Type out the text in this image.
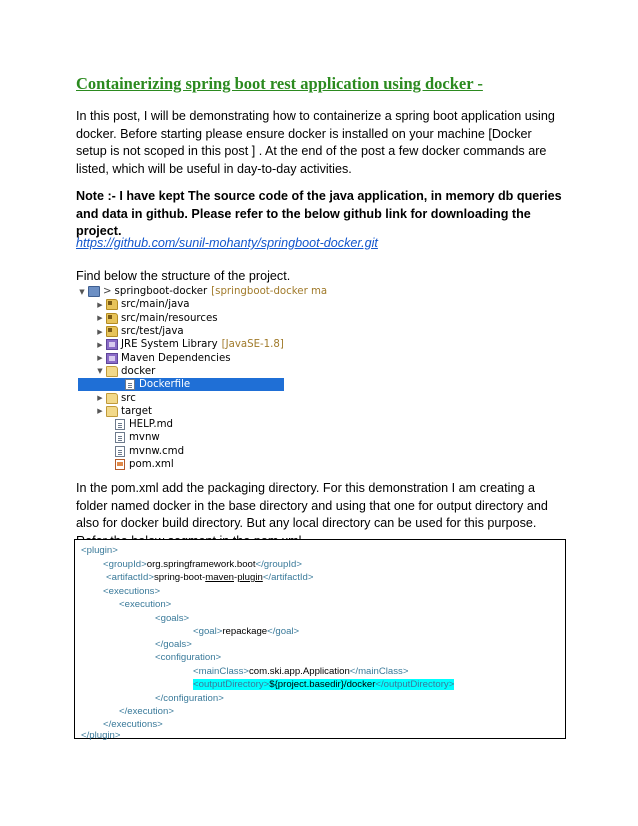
Containerizing spring boot rest application using docker -
In this post, I will be demonstrating how to containerize a spring boot application using docker. Before starting please ensure docker is installed on your machine [Docker setup is not scoped in this post ] . At the end of the post a few docker commands are listed, which will be useful in day-to-day activities.
Note :- I have kept The source code of the java application, in memory db queries and data in github. Please refer to the below github link for downloading the project.
https://github.com/sunil-mohanty/springboot-docker.git
Find below the structure of the project.
▼ > springboot-docker [springboot-docker ma
▶ src/main/java
▶ src/main/resources
▶ src/test/java
▶ JRE System Library [JavaSE-1.8]
▶ Maven Dependencies
▼ docker
Dockerfile
▶ src
▶ target
HELP.md
mvnw
mvnw.cmd
pom.xml
In the pom.xml add the packaging directory. For this demonstration I am creating a folder named docker in the base directory and using that one for output directory and also for docker build directory. But any local directory can be used for this purpose.
<plugin>
<groupId>org.springframework.boot</groupId>
<artifactId>spring-boot-maven-plugin</artifactId>
<executions>
<execution>
<goals>
<goal>repackage</goal>
</goals>
<configuration>
<mainClass>com.ski.app.Application</mainClass>
<outputDirectory>${project.basedir}/docker</outputDirectory>
</configuration>
</execution>
</executions>
</plugin>
